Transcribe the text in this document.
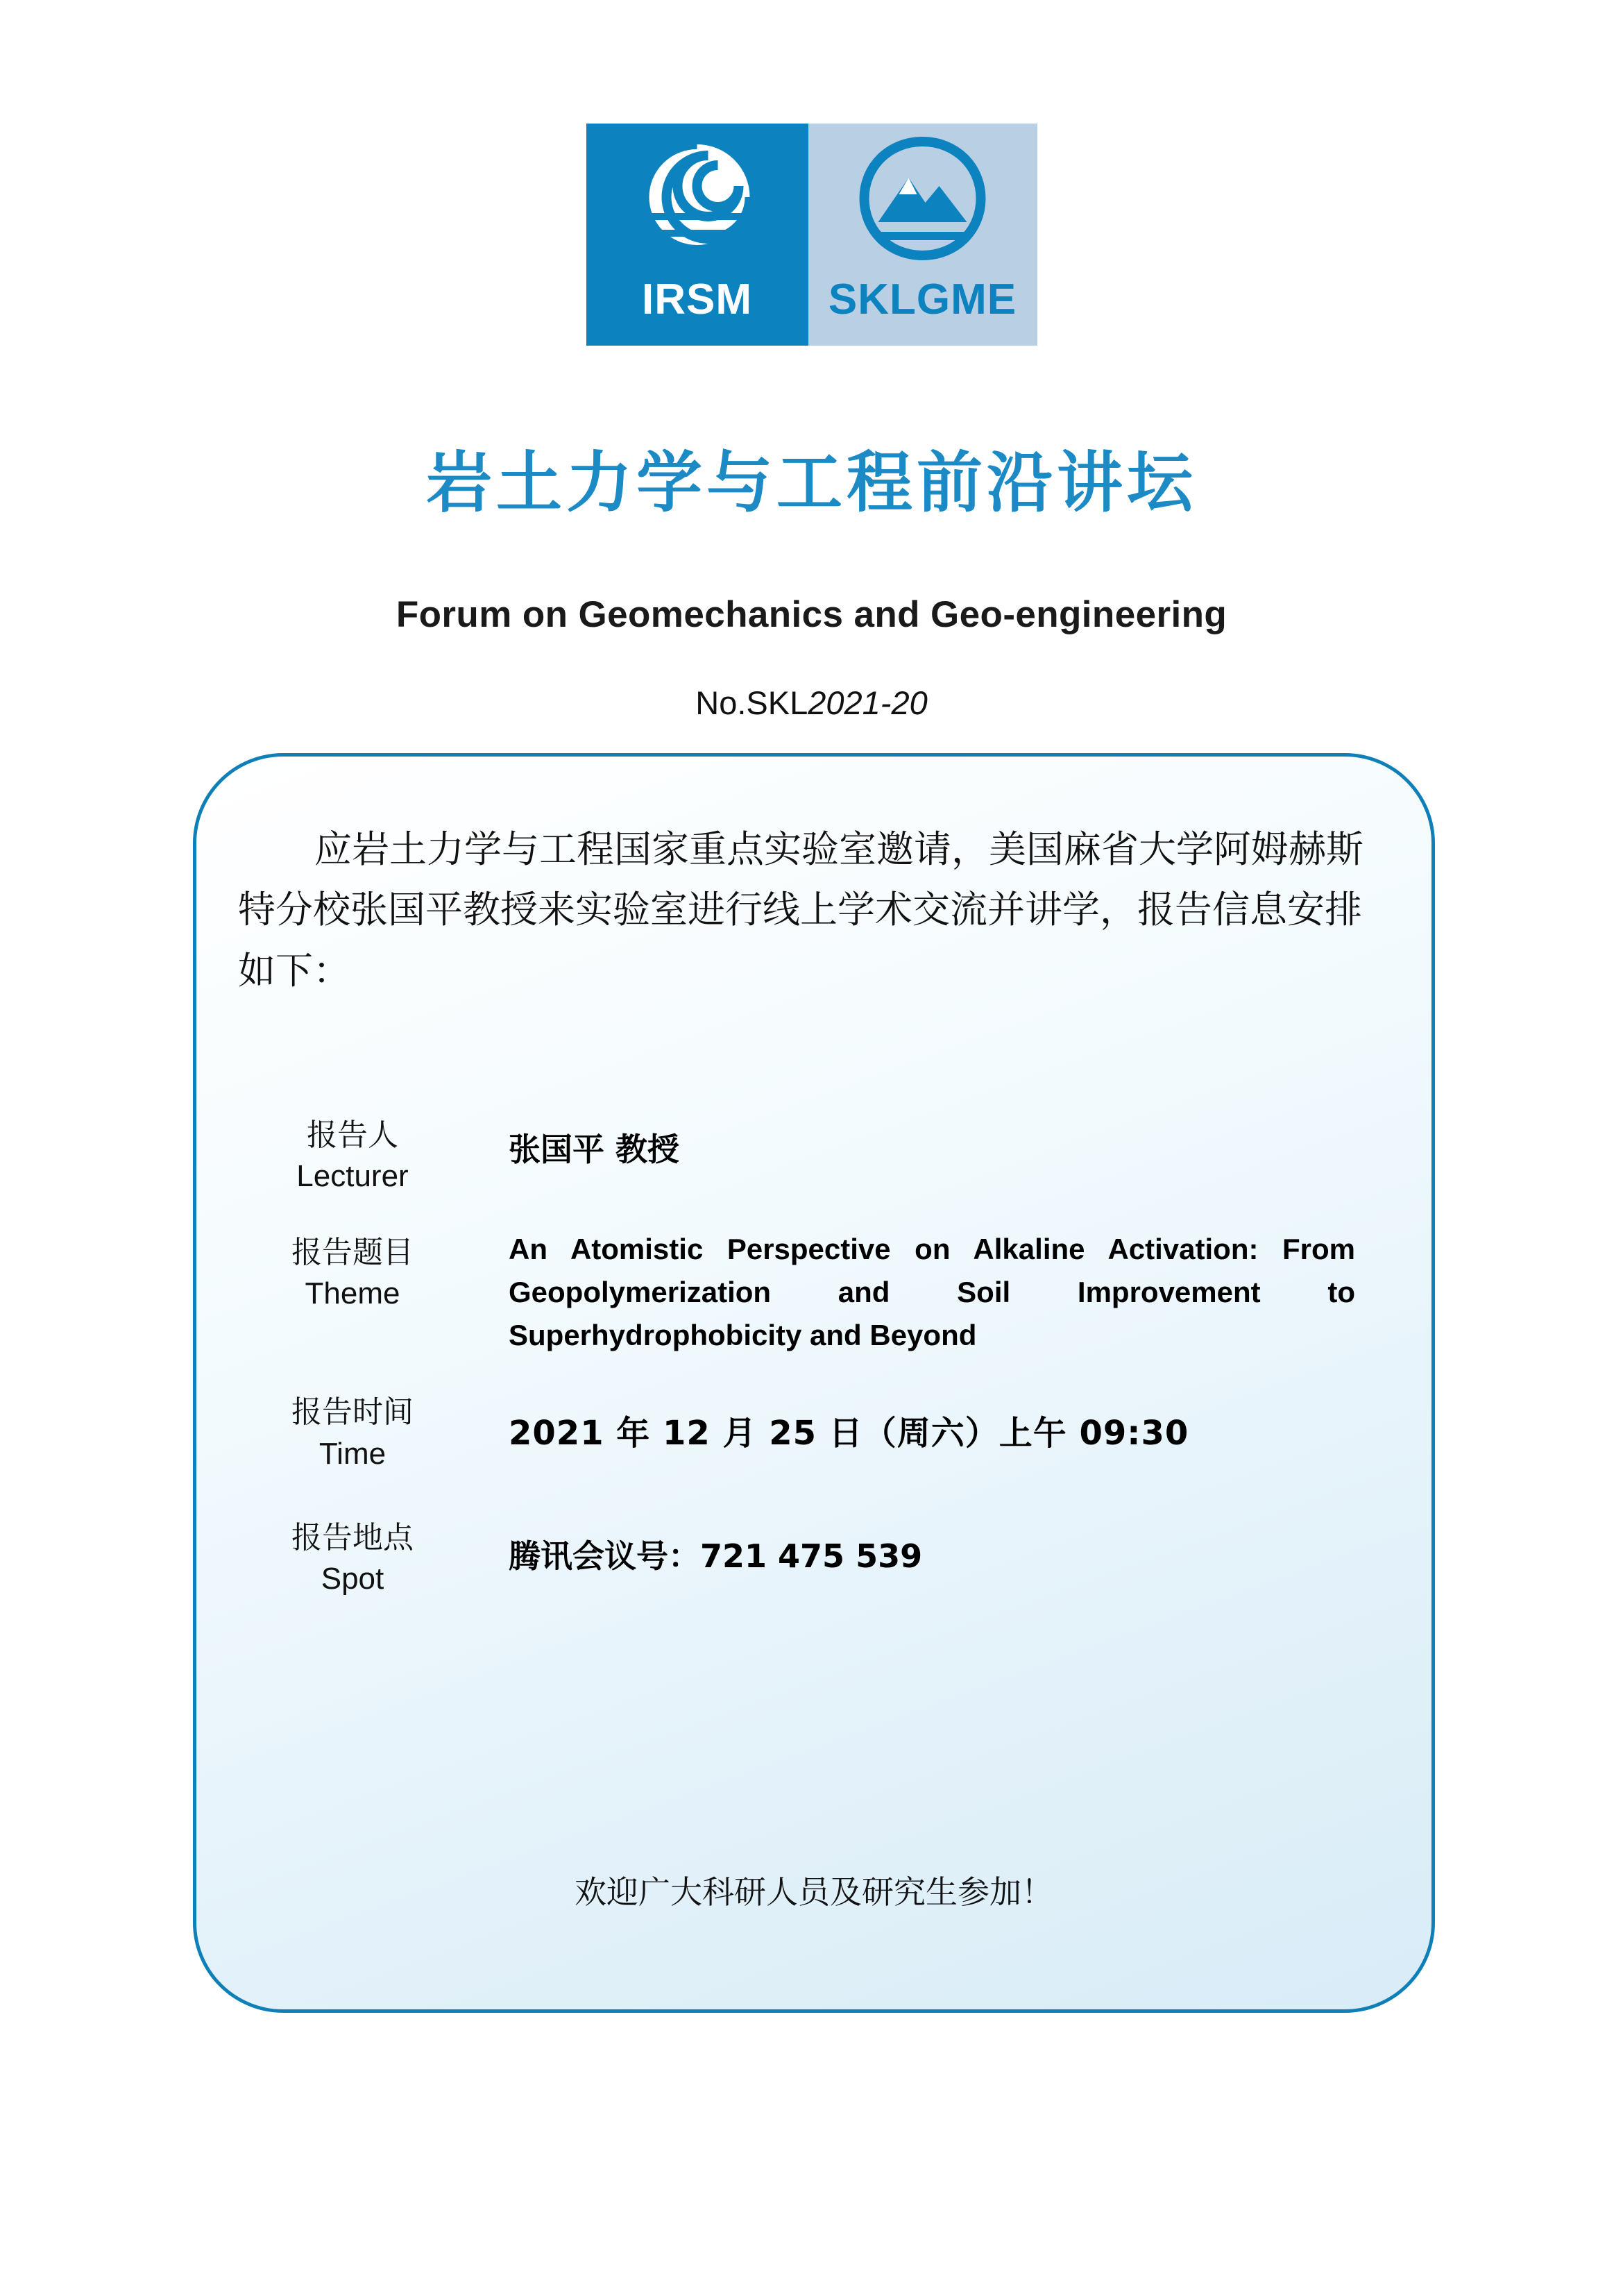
IRSM SKLGME
岩土力学与工程前沿讲坛
Forum on Geomechanics and Geo-engineering
No.SKL2021-20
应岩土力学与工程国家重点实验室邀请，美国麻省大学阿姆赫斯特分校张国平教授来实验室进行线上学术交流并讲学，报告信息安排如下：
报告人
Lecturer
张国平 教授
报告题目
Theme
An Atomistic Perspective on Alkaline Activation: From Geopolymerization and Soil Improvement to Superhydrophobicity and Beyond
报告时间
Time
2021 年 12 月 25 日（周六）上午 09:30
报告地点
Spot
腾讯会议号：721 475 539
欢迎广大科研人员及研究生参加！
